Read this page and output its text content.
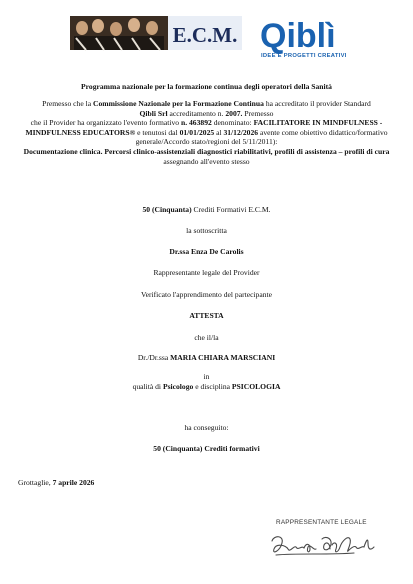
E.C.M. Qiblì
IDEE E PROGETTI CREATIVI
Programma nazionale per la formazione continua degli operatori della Sanità
Premesso che la Commissione Nazionale per la Formazione Continua ha accreditato il provider Standard
Qibli Srl accreditamento n. 2007. Premesso
che il Provider ha organizzato l'evento formativo n. 463892 denominato: FACILITATORE IN MINDFULNESS - MINDFULNESS EDUCATORS® e tenutosi dal 01/01/2025 al 31/12/2026 avente come obiettivo didattico/formativo generale/Accordo stato/regioni del 5/11/2011):
Documentazione clinica. Percorsi clinico-assistenziali diagnostici riabilitativi, profili di assistenza – profili di cura
assegnando all'evento stesso
50 (Cinquanta) Crediti Formativi E.C.M.
la sottoscritta
Dr.ssa Enza De Carolis
Rappresentante legale del Provider
Verificato l'apprendimento del partecipante
ATTESTA
che il/la
Dr./Dr.ssa MARIA CHIARA MARSCIANI
in
qualità di Psicologo e disciplina PSICOLOGIA
ha conseguito:
50 (Cinquanta) Crediti formativi
Grottaglie, 7 aprile 2026
RAPPRESENTANTE LEGALE
